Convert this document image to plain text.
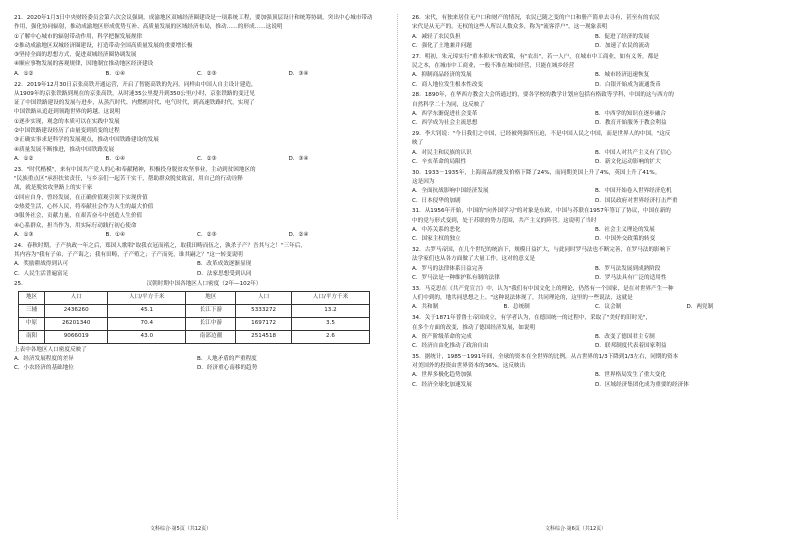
21．2020年1月3日中央财经委员会第六次会议强调，成渝地区双城经济圈建设是一项系统工程，要加强顶层设计和统筹协调，突出中心城市带动作用，强化协同辐射，推动成渝地区形成优势互补、高质量发展的区域经济布局，推动……的形成……这说明
①了解中心城市的辐射带动作用，科学把握发展规律
②推动成渝地区双城经济圈建设，打造带动全国高质量发展的重要增长极
③坚持全面的思想方式，促进双城经济圈协调发展
④顺应事物发展的客观规律，因地制宜推动地区经济建设
A．①②	B．①④	C．②③	D．③④
22．2019年12月30日京张高铁开通运营，开启了智能高铁的先河。同样由中国人自主设计建造，
从1909年的京张铁路到现在的京张高铁，从时速35公里提升到350公里/小时，京张铁路的变迁见
证了中国铁路建设的发展与进步，从蒸汽时代、内燃机时代、电气时代，到高速铁路时代，实现了
中国铁路从追赶到领跑世界的跨越。这说明
①逐步实现，观念的本质可以在实践中发展
②中国铁路建设经历了由量变到质变的过程
③正确实事求是科学的发展观点，推动中国铁路建设的发展
④质量发展不断推进，推动中国铁路发展
A．①②	B．①④	C．②③	D．③④
23．"时代楷模"，来有中国共产党人的心和奉献精神，积极投身脱贫攻坚事业，主动到贫困地区的
"民族重点区"承担扶贫责任，与乡亲们一起苦干实干，帮助群众脱贫致富，用自己的行动诠释
战，就是脱贫攻坚路上的实干家
①回应自身，曾经发展，在正确价值观引领下实现价值
②热爱生活，心怀人民，将奉献社会作为人生的最大价值
③服务社会，贡献力量，在艰苦奋斗中创造人生价值
④心系群众，担当作为，用实际行动践行初心使命
A．①③	B．①④	C．②③	D．②④
24．春秋时期，子产执政一年之后，郑国人歌唱"取我衣冠而褚之，取我田畴而伍之，孰杀子产？吾其与之！"三年后，
其内容为"我有子弟，子产诲之；我有田畴，子产殖之；子产而死，谁其嗣之？"这一转变说明
A．奖励耕战得到认可	B．改革成效逐渐显现
C．人民生活普遍富足	D．法家思想受到认同
25．	汉朝时期中国各地区人口密度（2年—102年）
地区	人口	人口/平方千米	地区	人口	人口/平方千米
三辅	2436260	45.1	长江下游	5333272	13.2
中原	26201340	70.4	长江中游	1697172	3.5
南阳	9066019	43.0	南部边疆	2514518	2.6
上表中各地区人口密度反映了
A．经济发展程度的差异	B．人地矛盾的严重程度
C．小农经济的基础地位	D．经济重心南移的趋势
26．宋代，有独来居住无户口和财产的情况，农民已随之变的户口和册产简单去寻有，甚至有的农民
宋代是从无产的，无权的这些人所以人数众多，称为"流客浮户"。这一现象表明
A．减轻了农民负担	B．促进了经济的发展
C．强化了土地兼并问题	D．加速了农民的流动
27．明初，朱元璋实行"重本抑末"的政策，有"农出"，若一人户，在城市中工商业，如有义务，都是
民之本，在城市中工商业，一般不准在城市经营，只能在城乡经营
A．抑制商品经济的发展	B．城市经济迅速恢复
C．商人地位发生根本性改变	D．白银开始成为流通货币
28．1890年，在华西方教会大会所通过的，要各学校的教学计划应包括有格致等学科，中国的这与西方的
自然科学二十为同，这反映了
A．西学东渐促进社会变革	B．中西学的知识在逐步融合
C．西学成为社会主流思想	D．教育开始服务于教会利益
29．李大钊说："今日我们之中国，已经被列强所压迫，不是中国人民之中国，而是世界人的中国。"这反
映了
A．对民主和民族的认识	B．中国人对共产主义有了信心
C．辛亥革命的局限性	D．新文化运动影响的扩大
30．1933－1935年，上海商品的批发价格下降了24%，而同期美国上升了4%，英国上升了41%。
这是因为
A．全面抗战影响中国经济发展	B．中国开始卷入世界经济危机
C．日本侵华的加剧	D．国民政府对世界经济打击严重
31．从1956年开始，中国的"向外国学习"的对象是东欧，中国与苏联在1957年签订了协议，中国在新的
中的党与形式变到，处于苏联的势力范围，共产主义的阵营。这说明了当时
A．中苏关系的恶化	B．社会主义理论的发展
C．国家主权的独立	D．中国外交政策的转变
32．古罗马帝国，在几个世纪的统治下，规模日益扩大，与此同时罗马法也不断完善，在罗马法的影响下
法学家们也从各方面做了大量工作。这对的意义是
A．罗马的法律体系日益完善	B．罗马法发展到成熟阶段
C．罗马法是一种维护私有制的法律	D．罗马法具有广泛的适用性
33．马克思在《共产党宣言》中，认为"我们有中国文化上的理论，仍然有一个国家，是在对世界产生一种
人们中到的，地共同思想之上。"这种说法体现了，共同理论的，这里的一些说法，这就是
A．共和制	B．总统制	C．议会制	D．两党制
34．关于1871年普鲁士帝国成立，有学者认为，在德国统一的过程中，采取了"美好的旧时光"，
在多个方面的改变，推动了德国经济发展，如说明
A．资产阶级革命的完成	B．改变了德国君主专制
C．经济自由化推动了政治自由	D．联邦制度代表着国家利益
35．据统计，1985－1991年间，全球的资本在全世界的比例，从占世界的1/3下降到1/3左右，同期的资本
对美国外的投资由世界资本的36%。这反映出
A．世界多极化趋势加强	B．世界格局发生了重大变化
C．经济全球化加速发展	D．区域经济集团化成为重要的经济体
文科综合·第5页（共12页）	文科综合·第6页（共12页）
